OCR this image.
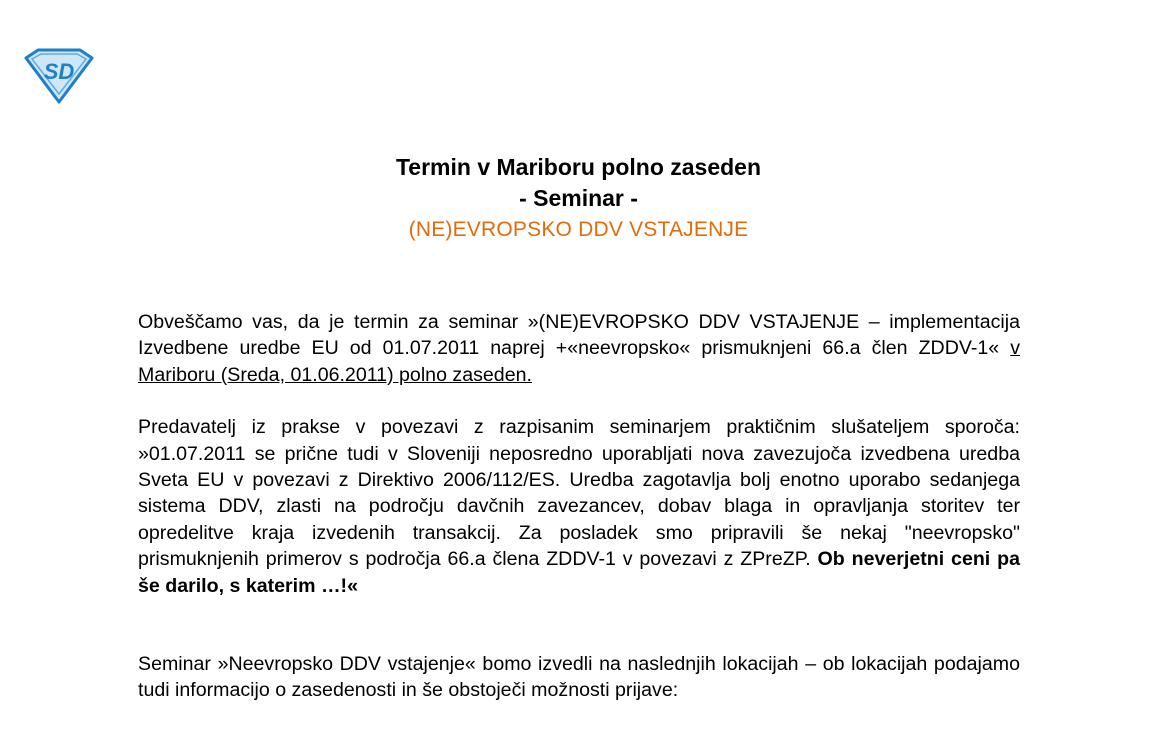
SD

Termin v Mariboru polno zaseden

- Seminar -

(NE)EVROPSKO DDV VSTAJENJE

Obveščamo vas, da je termin za seminar »(NE)EVROPSKO DDV VSTAJENJE – implementacija Izvedbene uredbe EU od 01.07.2011 naprej +«neevropsko« prismuknjeni 66.a člen ZDDV-1« v Mariboru (Sreda, 01.06.2011) polno zaseden.

Predavatelj iz prakse v povezavi z razpisanim seminarjem praktičnim slušateljem sporoča: »01.07.2011 se prične tudi v Sloveniji neposredno uporabljati nova zavezujoča izvedbena uredba Sveta EU v povezavi z Direktivo 2006/112/ES. Uredba zagotavlja bolj enotno uporabo sedanjega sistema DDV, zlasti na področju davčnih zavezancev, dobav blaga in opravljanja storitev ter opredelitve kraja izvedenih transakcij. Za posladek smo pripravili še nekaj "neevropsko" prismuknjenih primerov s področja 66.a člena ZDDV-1 v povezavi z ZPreZP. Ob neverjetni ceni pa še darilo, s katerim …!«

Seminar »Neevropsko DDV vstajenje« bomo izvedli na naslednjih lokacijah – ob lokacijah podajamo tudi informacijo o zasedenosti in še obstoječi možnosti prijave:
